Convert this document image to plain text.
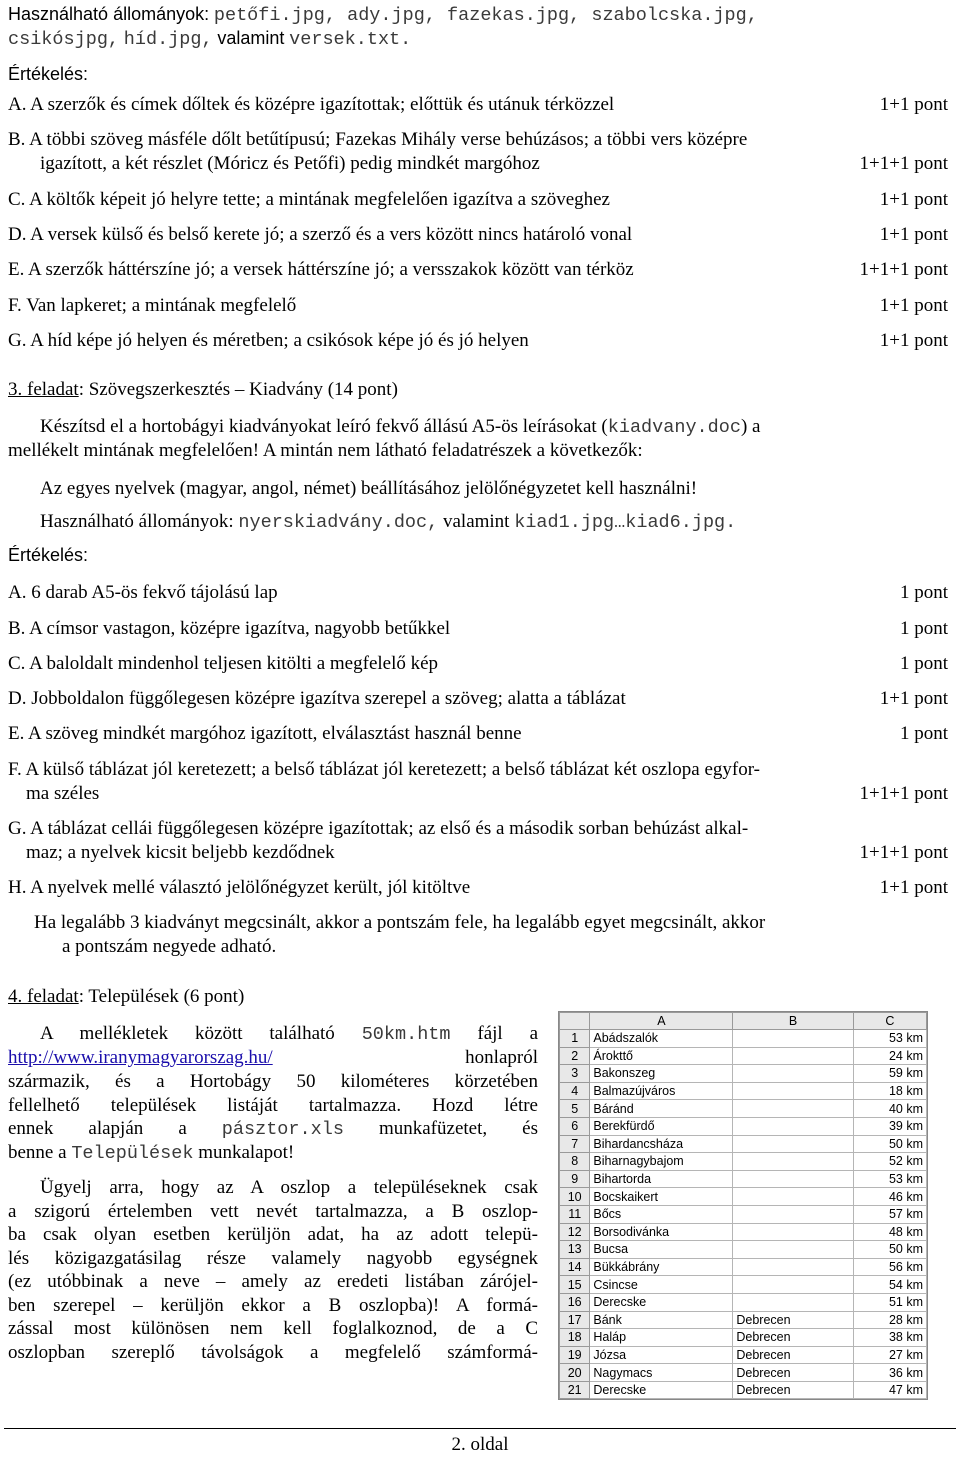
Használható állományok: petőfi.jpg, ady.jpg, fazekas.jpg, szabolcska.jpg,
csikósjpg, híd.jpg, valamint versek.txt.
Értékelés:
A. A szerzők és címek dőltek és középre igazítottak; előttük és utánuk térközzel	1+1 pont
B. A többi szöveg másféle dőlt betűtípusú; Fazekas Mihály verse behúzásos; a többi vers középre
igazított, a két részlet (Móricz és Petőfi) pedig mindkét margóhoz	1+1+1 pont
C. A költők képeit jó helyre tette; a mintának megfelelően igazítva a szöveghez	1+1 pont
D. A versek külső és belső kerete jó; a szerző és a vers között nincs határoló vonal	1+1 pont
E. A szerzők háttérszíne jó; a versek háttérszíne jó; a versszakok között van térköz	1+1+1 pont
F. Van lapkeret; a mintának megfelelő	1+1 pont
G. A híd képe jó helyen és méretben; a csikósok képe jó és jó helyen	1+1 pont
3. feladat: Szövegszerkesztés – Kiadvány (14 pont)
Készítsd el a hortobágyi kiadványokat leíró fekvő állású A5-ös leírásokat (kiadvany.doc) a
mellékelt mintának megfelelően! A mintán nem látható feladatrészek a következők:
Az egyes nyelvek (magyar, angol, német) beállításához jelölőnégyzetet kell használni!
Használható állományok: nyerskiadvány.doc, valamint kiad1.jpg…kiad6.jpg.
Értékelés:
A. 6 darab A5-ös fekvő tájolású lap	1 pont
B. A címsor vastagon, középre igazítva, nagyobb betűkkel	1 pont
C. A baloldalt mindenhol teljesen kitölti a megfelelő kép	1 pont
D. Jobboldalon függőlegesen középre igazítva szerepel a szöveg; alatta a táblázat	1+1 pont
E. A szöveg mindkét margóhoz igazított, elválasztást használ benne	1 pont
F. A külső táblázat jól keretezett; a belső táblázat jól keretezett; a belső táblázat két oszlopa egyfor-
ma széles	1+1+1 pont
G. A táblázat cellái függőlegesen középre igazítottak; az első és a második sorban behúzást alkal-
maz; a nyelvek kicsit beljebb kezdődnek	1+1+1 pont
H. A nyelvek mellé választó jelölőnégyzet került, jól kitöltve	1+1 pont
Ha legalább 3 kiadványt megcsinált, akkor a pontszám fele, ha legalább egyet megcsinált, akkor
a pontszám negyede adható.
4. feladat: Települések (6 pont)
A mellékletek között található 50km.htm fájl a
http://www.iranymagyarorszag.hu/	honlapról
származik, és a Hortobágy 50 kilométeres körzetében
fellelhető települések listáját tartalmazza. Hozd létre
ennek alapján a pásztor.xls munkafüzetet, és
benne a Települések munkalapot!
Ügyelj arra, hogy az A oszlop a településeknek csak
a szigorú értelemben vett nevét tartalmazza, a B oszlop-
ba csak olyan esetben kerüljön adat, ha az adott telepü-
lés közigazgatásilag része valamely nagyobb egységnek
(ez utóbbinak a neve – amely az eredeti listában zárójel-
ben szerepel – kerüljön ekkor a B oszlopba)! A formá-
zással most különösen nem kell foglalkoznod, de a C
oszlopban szereplő távolságok a megfelelő számformá-
	A	B	C
1	Abádszalók		53 km
2	Árokttő		24 km
3	Bakonszeg		59 km
4	Balmazújváros		18 km
5	Báránd		40 km
6	Berekfürdő		39 km
7	Bihardancsháza		50 km
8	Biharnagybajom		52 km
9	Bihartorda		53 km
10	Bocskaikert		46 km
11	Bőcs		57 km
12	Borsodivánka		48 km
13	Bucsa		50 km
14	Bükkábrány		56 km
15	Csincse		54 km
16	Derecske		51 km
17	Bánk	Debrecen	28 km
18	Haláp	Debrecen	38 km
19	Józsa	Debrecen	27 km
20	Nagymacs	Debrecen	36 km
21	Derecske	Debrecen	47 km
2. oldal
